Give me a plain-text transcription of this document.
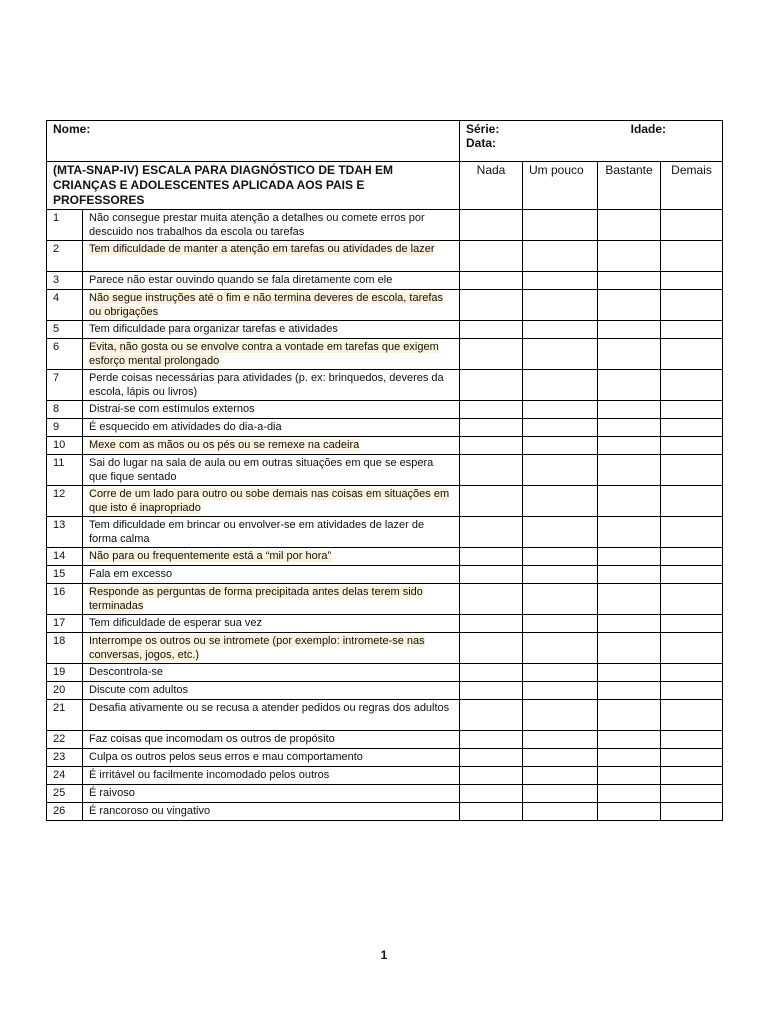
Nome:		Série: Idade:
Data:			

(MTA-SNAP-IV) ESCALA PARA DIAGNÓSTICO DE TDAH EM CRIANÇAS E ADOLESCENTES APLICADA AOS PAIS E PROFESSORES		Nada	Um pouco	Bastante	Demais
1	Não consegue prestar muita atenção a detalhes ou comete erros por descuido nos trabalhos da escola ou tarefas				
2	Tem dificuldade de manter a atenção em tarefas ou atividades de lazer				
3	Parece não estar ouvindo quando se fala diretamente com ele				
4	Não segue instruções até o fim e não termina deveres de escola, tarefas ou obrigações				
5	Tem dificuldade para organizar tarefas e atividades				
6	Evita, não gosta ou se envolve contra a vontade em tarefas que exigem esforço mental prolongado				
7	Perde coisas necessárias para atividades (p. ex: brinquedos, deveres da escola, lápis ou livros)				
8	Distrai-se com estímulos externos				
9	É esquecido em atividades do dia-a-dia				
10	Mexe com as mãos ou os pés ou se remexe na cadeira				
11	Sai do lugar na sala de aula ou em outras situações em que se espera que fique sentado				
12	Corre de um lado para outro ou sobe demais nas coisas em situações em que isto é inapropriado				
13	Tem dificuldade em brincar ou envolver-se em atividades de lazer de forma calma				
14	Não para ou frequentemente está a “mil por hora”				
15	Fala em excesso				
16	Responde as perguntas de forma precipitada antes delas terem sido terminadas				
17	Tem dificuldade de esperar sua vez				
18	Interrompe os outros ou se intromete (por exemplo: intromete-se nas conversas, jogos, etc.)				
19	Descontrola-se				
20	Discute com adultos				
21	Desafia ativamente ou se recusa a atender pedidos ou regras dos adultos				
22	Faz coisas que incomodam os outros de propósito				
23	Culpa os outros pelos seus erros e mau comportamento				
24	É irritável ou facilmente incomodado pelos outros				
25	É raivoso				
26	É rancoroso ou vingativo				
1
